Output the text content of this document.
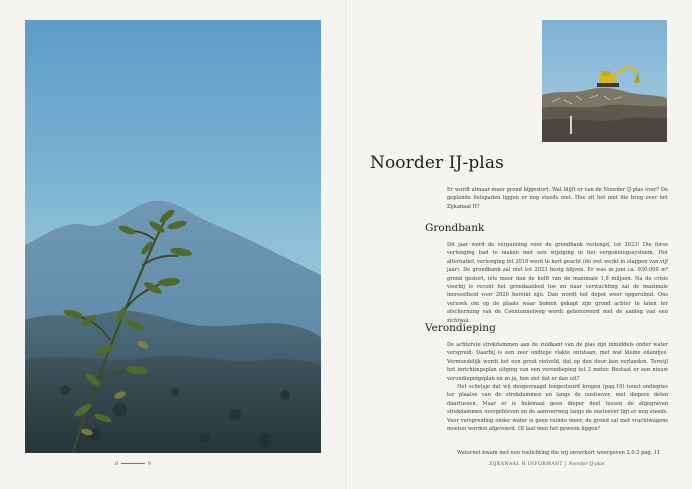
Noorder IJ-plas

Er wordt almaar meer grond bijgestort. Wat blijft er van de Noorder IJ-plas over? De geplande fietspaden liggen er nog steeds niet. Hoe zit het met die brug over het Zijkanaal H?

Grondbank

Dit jaar werd de vergunning voor de grondbank verlengd, tot 2023! Die forse verlenging had te maken met een wijziging in het vergunningssysteem. Het alternatief, verlenging tot 2018 werd te kort geacht (de wet werkt in stappen van vijf jaar). De grondbank zal niet tot 2023 bezig blijven. Er was in juni ca. 930.000 m³ grond gestort, iets meer dan de helft van de maximale 1,8 miljoen. Na de crisis voorbij is recent het grondaanbod toe en naar verwachting zal de maximale hoeveelheid voor 2020 bereikt zijn. Dan wordt het depot weer opgeruimd. Ons verzoek om op de plaats waar bomen gekapt zijn grond achter te laten ter afscherming van de Coentunnelweg wordt gehonoreerd met de aanleg van een zichtwal.

Verondieping

De achterste strekdammen aan de zuidkant van de plas zijn inmiddels onder water verspreid. Daarbij is een zeer ondiepe vlakte ontstaan, met wat kleine eilandjes. Vermoedelijk wordt het een groot rietveld, dat op den duur kan verlanden. Terwijl het inrichtingsplan uitging van een verondieping tot 3 meter. Bestaat er een nieuw verondiepingsplan en zo ja, hoe ziet dat er dan uit?

Het schetsje dat wij desgevraagd toegestuurd kregen (pag.10) toont ondieptes ter plaatse van de strekdammen en langs de oostoever, met diepere delen daartussen. Maar er is helemaal geen dieper deel tussen de afgegraven strekdammen overgebleven en de aanvoerweg langs de oostoever ligt er nog steeds. Voor verspreiding onder water is geen ruimte meer, de grond zal met vrachtwagens moeten worden afgevoerd. Of laat men het gewoon liggen?

Waternet kwam met een toelichting die wij onverkort weergeven 2.0.2 pag. 11
8	9	ZIJKANAAL H INFORMANT | Noorder IJ-plas
